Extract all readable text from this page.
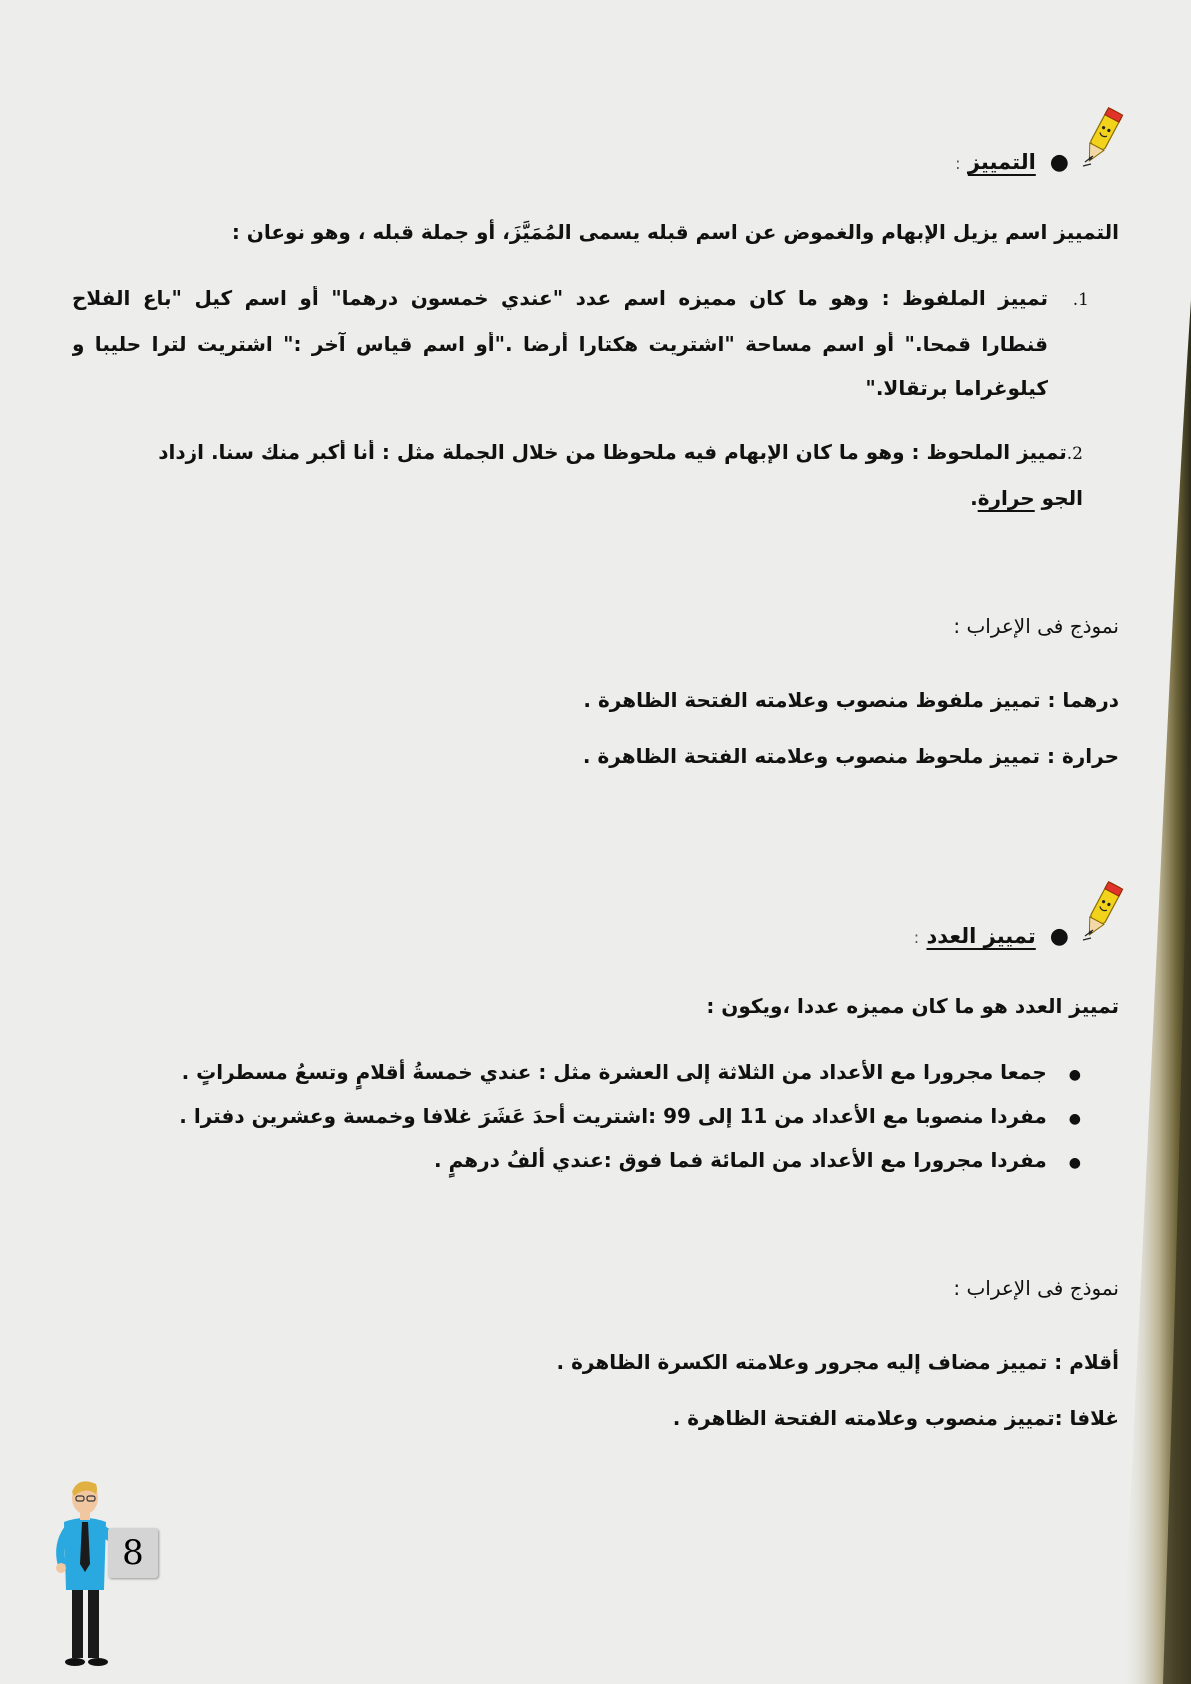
●التمييز :
التمييز اسم يزيل الإبهام والغموض عن اسم قبله يسمى المُمَيَّزَ، أو جملة قبله ، وهو نوعان :
1.
تمييز الملفوظ : وهو ما كان مميزه اسم عدد "عندي خمسون درهما" أو اسم كيل "باع الفلاح
قنطارا قمحا." أو اسم مساحة "اشتريت هكتارا أرضا ."أو اسم قياس آخر :" اشتريت لترا حليبا و
كيلوغراما برتقالا."
2.تمييز الملحوظ : وهو ما كان الإبهام فيه ملحوظا من خلال الجملة مثل : أنا أكبر منك سنا. ازداد
الجو حرارة.
نموذج فى الإعراب :
درهما : تمييز ملفوظ منصوب وعلامته الفتحة الظاهرة .
حرارة : تمييز ملحوظ منصوب وعلامته الفتحة الظاهرة .
●تمييز العدد :
تمييز العدد هو ما كان مميزه عددا ،ويكون :
●جمعا مجرورا مع الأعداد من الثلاثة إلى العشرة مثل : عندي خمسةُ أقلامٍ وتسعُ مسطراتٍ .
●مفردا منصوبا مع الأعداد من 11 إلى 99 :اشتريت أحدَ عَشَرَ غلافا وخمسة وعشرين دفترا .
●مفردا مجرورا مع الأعداد من المائة فما فوق :عندي ألفُ درهمٍ .
نموذج فى الإعراب :
أقلام : تمييز مضاف إليه مجرور وعلامته الكسرة الظاهرة .
غلافا :تمييز منصوب وعلامته الفتحة الظاهرة .
8
